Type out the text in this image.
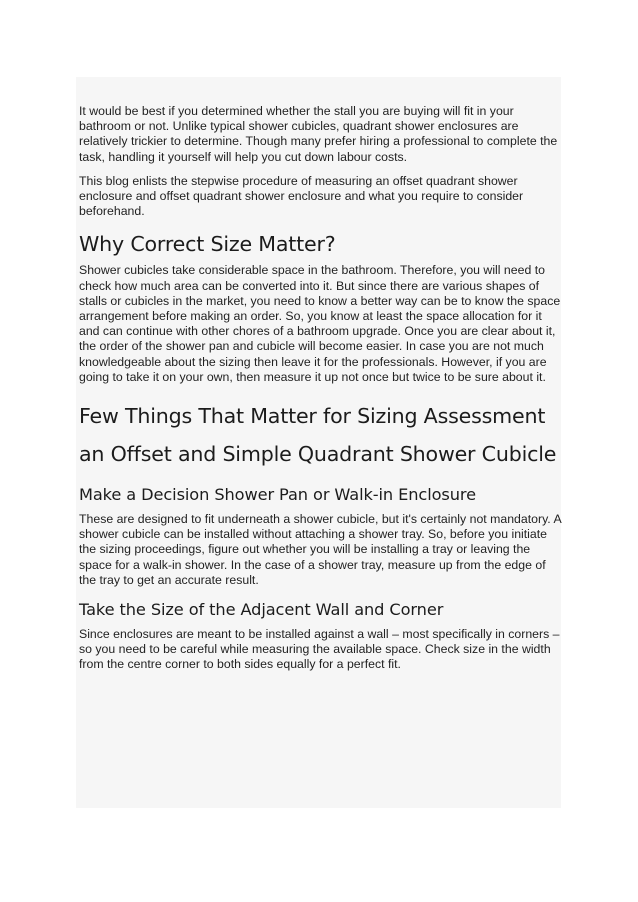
It would be best if you determined whether the stall you are buying will fit in your bathroom or not. Unlike typical shower cubicles, quadrant shower enclosures are relatively trickier to determine. Though many prefer hiring a professional to complete the task, handling it yourself will help you cut down labour costs.

This blog enlists the stepwise procedure of measuring an offset quadrant shower enclosure and offset quadrant shower enclosure and what you require to consider beforehand.

Why Correct Size Matter?

Shower cubicles take considerable space in the bathroom. Therefore, you will need to check how much area can be converted into it. But since there are various shapes of stalls or cubicles in the market, you need to know a better way can be to know the space arrangement before making an order. So, you know at least the space allocation for it and can continue with other chores of a bathroom upgrade. Once you are clear about it, the order of the shower pan and cubicle will become easier. In case you are not much knowledgeable about the sizing then leave it for the professionals. However, if you are going to take it on your own, then measure it up not once but twice to be sure about it.

Few Things That Matter for Sizing Assessment an Offset and Simple Quadrant Shower Cubicle
Make a Decision Shower Pan or Walk-in Enclosure

These are designed to fit underneath a shower cubicle, but it's certainly not mandatory. A shower cubicle can be installed without attaching a shower tray. So, before you initiate the sizing proceedings, figure out whether you will be installing a tray or leaving the space for a walk-in shower. In the case of a shower tray, measure up from the edge of the tray to get an accurate result.

Take the Size of the Adjacent Wall and Corner

Since enclosures are meant to be installed against a wall – most specifically in corners – so you need to be careful while measuring the available space. Check size in the width from the centre corner to both sides equally for a perfect fit.
